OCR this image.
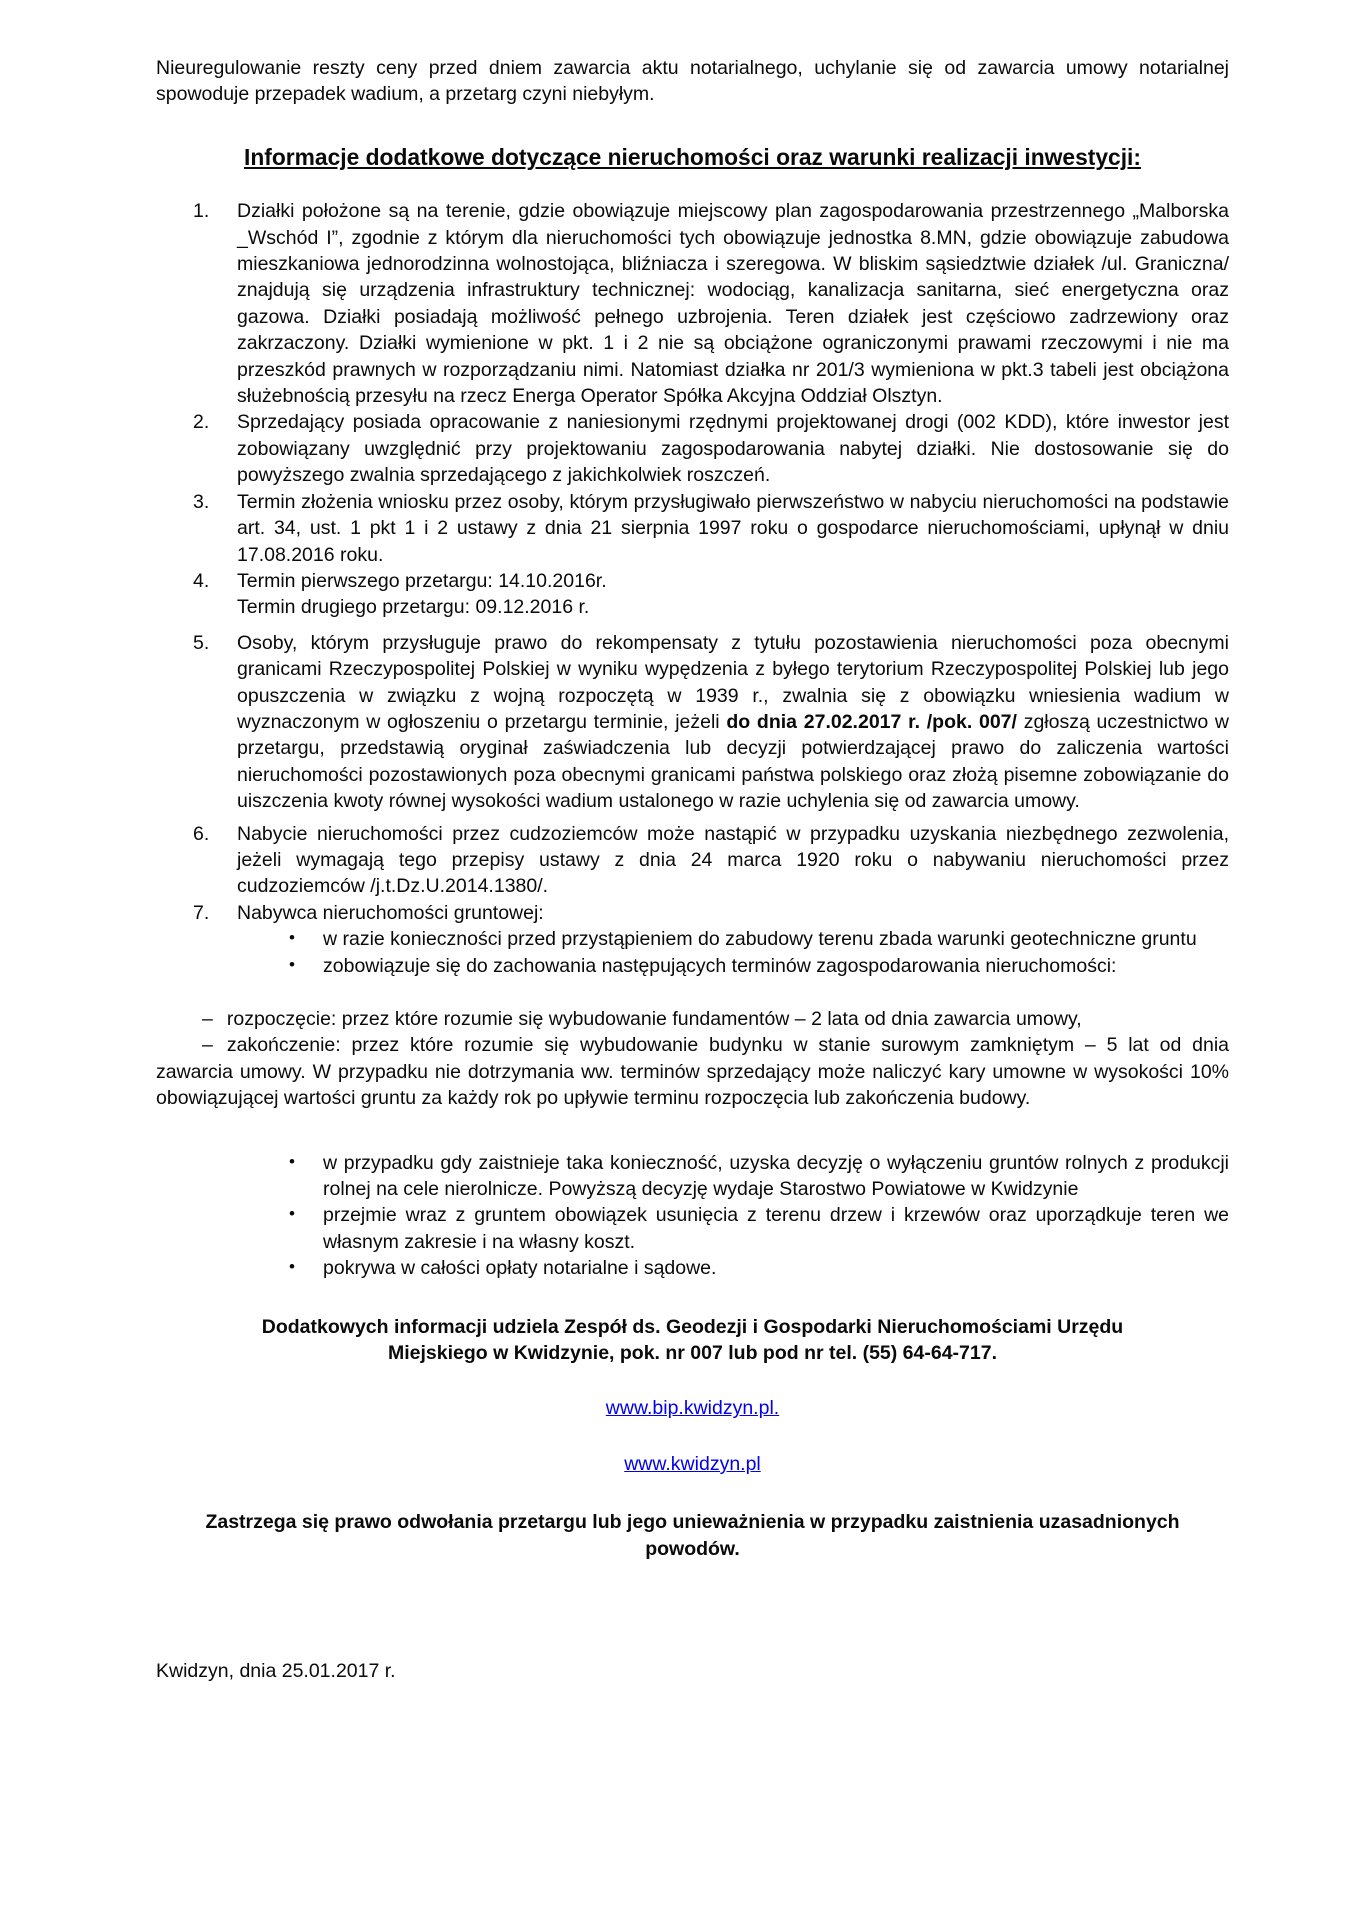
Nieuregulowanie reszty ceny przed dniem zawarcia aktu notarialnego, uchylanie się od zawarcia umowy notarialnej spowoduje przepadek wadium, a przetarg czyni niebyłym.

Informacje dodatkowe dotyczące nieruchomości oraz warunki realizacji inwestycji:
1. Działki położone są na terenie, gdzie obowiązuje miejscowy plan zagospodarowania przestrzennego „Malborska _Wschód I”, zgodnie z którym dla nieruchomości tych obowiązuje jednostka 8.MN, gdzie obowiązuje zabudowa mieszkaniowa jednorodzinna wolnostojąca, bliźniacza i szeregowa. W bliskim sąsiedztwie działek /ul. Graniczna/ znajdują się urządzenia infrastruktury technicznej: wodociąg, kanalizacja sanitarna, sieć energetyczna oraz gazowa. Działki posiadają możliwość pełnego uzbrojenia. Teren działek jest częściowo zadrzewiony oraz zakrzaczony. Działki wymienione w pkt. 1 i 2 nie są obciążone ograniczonymi prawami rzeczowymi i nie ma przeszkód prawnych w rozporządzaniu nimi. Natomiast działka nr 201/3 wymieniona w pkt.3 tabeli jest obciążona służebnością przesyłu na rzecz Energa Operator Spółka Akcyjna Oddział Olsztyn.
2. Sprzedający posiada opracowanie z naniesionymi rzędnymi projektowanej drogi (002 KDD), które inwestor jest zobowiązany uwzględnić przy projektowaniu zagospodarowania nabytej działki. Nie dostosowanie się do powyższego zwalnia sprzedającego z jakichkolwiek roszczeń.
3. Termin złożenia wniosku przez osoby, którym przysługiwało pierwszeństwo w nabyciu nieruchomości na podstawie art. 34, ust. 1 pkt 1 i 2 ustawy z dnia 21 sierpnia 1997 roku o gospodarce nieruchomościami, upłynął w dniu 17.08.2016 roku.
4. Termin pierwszego przetargu: 14.10.2016r.
Termin drugiego przetargu: 09.12.2016 r.
5. Osoby, którym przysługuje prawo do rekompensaty z tytułu pozostawienia nieruchomości poza obecnymi granicami Rzeczypospolitej Polskiej w wyniku wypędzenia z byłego terytorium Rzeczypospolitej Polskiej lub jego opuszczenia w związku z wojną rozpoczętą w 1939 r., zwalnia się z obowiązku wniesienia wadium w wyznaczonym w ogłoszeniu o przetargu terminie, jeżeli do dnia 27.02.2017 r. /pok. 007/ zgłoszą uczestnictwo w przetargu, przedstawią oryginał zaświadczenia lub decyzji potwierdzającej prawo do zaliczenia wartości nieruchomości pozostawionych poza obecnymi granicami państwa polskiego oraz złożą pisemne zobowiązanie do uiszczenia kwoty równej wysokości wadium ustalonego w razie uchylenia się od zawarcia umowy.
6. Nabycie nieruchomości przez cudzoziemców może nastąpić w przypadku uzyskania niezbędnego zezwolenia, jeżeli wymagają tego przepisy ustawy z dnia 24 marca 1920 roku o nabywaniu nieruchomości przez cudzoziemców /j.t.Dz.U.2014.1380/.
7. Nabywca nieruchomości gruntowej:
• w razie konieczności przed przystąpieniem do zabudowy terenu zbada warunki geotechniczne gruntu
• zobowiązuje się do zachowania następujących terminów zagospodarowania nieruchomości:

– rozpoczęcie: przez które rozumie się wybudowanie fundamentów – 2 lata od dnia zawarcia umowy,

– zakończenie: przez które rozumie się wybudowanie budynku w stanie surowym zamkniętym – 5 lat od dnia zawarcia umowy. W przypadku nie dotrzymania ww. terminów sprzedający może naliczyć kary umowne w wysokości 10% obowiązującej wartości gruntu za każdy rok po upływie terminu rozpoczęcia lub zakończenia budowy.

• w przypadku gdy zaistnieje taka konieczność, uzyska decyzję o wyłączeniu gruntów rolnych z produkcji rolnej na cele nierolnicze. Powyższą decyzję wydaje Starostwo Powiatowe w Kwidzynie
• przejmie wraz z gruntem obowiązek usunięcia z terenu drzew i krzewów oraz uporządkuje teren we własnym zakresie i na własny koszt.
• pokrywa w całości opłaty notarialne i sądowe.
Dodatkowych informacji udziela Zespół ds. Geodezji i Gospodarki Nieruchomościami Urzędu
Miejskiego w Kwidzynie, pok. nr 007 lub pod nr tel. (55) 64-64-717.
www.bip.kwidzyn.pl.
www.kwidzyn.pl
Zastrzega się prawo odwołania przetargu lub jego unieważnienia w przypadku zaistnienia uzasadnionych powodów.

Kwidzyn, dnia 25.01.2017 r.
